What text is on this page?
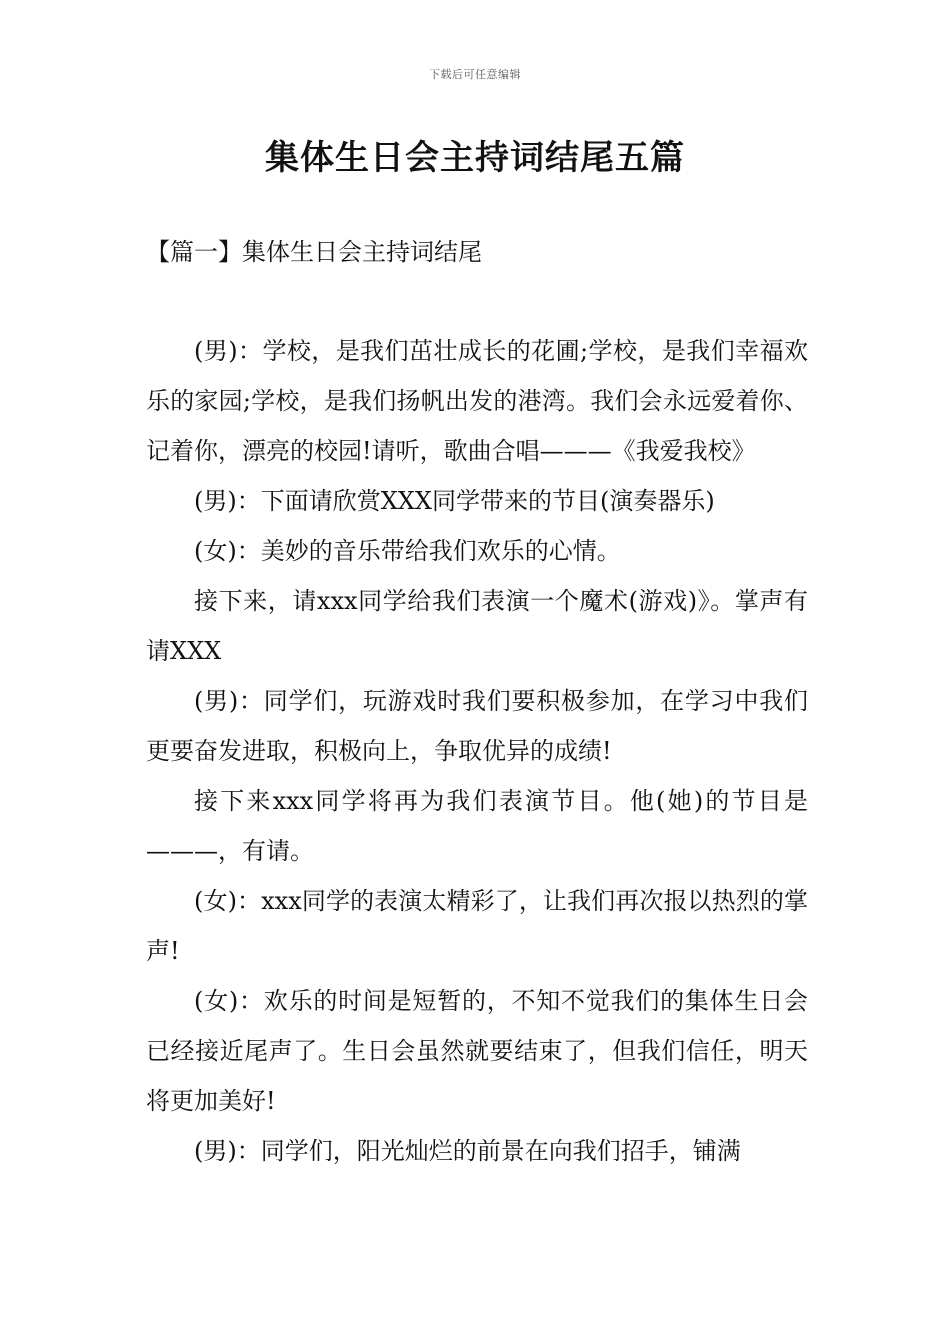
下载后可任意编辑
集体生日会主持词结尾五篇
【篇一】集体生日会主持词结尾

(男)：学校，是我们茁壮成长的花圃;学校，是我们幸福欢乐的家园;学校，是我们扬帆出发的港湾。我们会永远爱着你、记着你，漂亮的校园!请听，歌曲合唱———《我爱我校》

(男)：下面请欣赏XXX同学带来的节目(演奏器乐)

(女)：美妙的音乐带给我们欢乐的心情。

接下来，请xxx同学给我们表演一个魔术(游戏)》。掌声有请XXX

(男)：同学们，玩游戏时我们要积极参加，在学习中我们更要奋发进取，积极向上，争取优异的成绩!

接下来xxx同学将再为我们表演节目。他(她)的节目是———，有请。

(女)：xxx同学的表演太精彩了，让我们再次报以热烈的掌声!

(女)：欢乐的时间是短暂的，不知不觉我们的集体生日会已经接近尾声了。生日会虽然就要结束了，但我们信任，明天将更加美好!

(男)：同学们，阳光灿烂的前景在向我们招手，铺满
